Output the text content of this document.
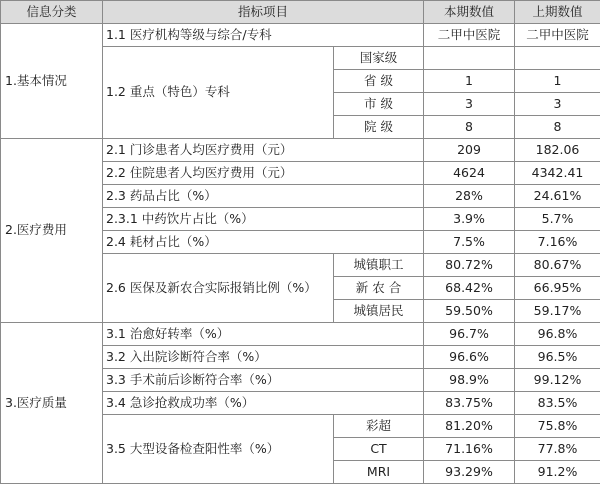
信息分类	指标项目		本期数值	上期数值
1.基本情况	1.1 医疗机构等级与综合/专科		二甲中医院	二甲中医院
	1.2 重点（特色）专科	国家级		
		省 级	1	1
		市 级	3	3
		院 级	8	8
2.医疗费用	2.1 门诊患者人均医疗费用（元）		209	182.06
	2.2 住院患者人均医疗费用（元）		4624	4342.41
	2.3 药品占比（%）		28%	24.61%
	2.3.1 中药饮片占比（%）		3.9%	5.7%
	2.4 耗材占比（%）		7.5%	7.16%
	2.6 医保及新农合实际报销比例（%）	城镇职工	80.72%	80.67%
		新 农 合	68.42%	66.95%
		城镇居民	59.50%	59.17%
3.医疗质量	3.1 治愈好转率（%）		96.7%	96.8%
	3.2 入出院诊断符合率（%）		96.6%	96.5%
	3.3 手术前后诊断符合率（%）		98.9%	99.12%
	3.4 急诊抢救成功率（%）		83.75%	83.5%
	3.5 大型设备检查阳性率（%）	彩超	81.20%	75.8%
		CT	71.16%	77.8%
		MRI	93.29%	91.2%
